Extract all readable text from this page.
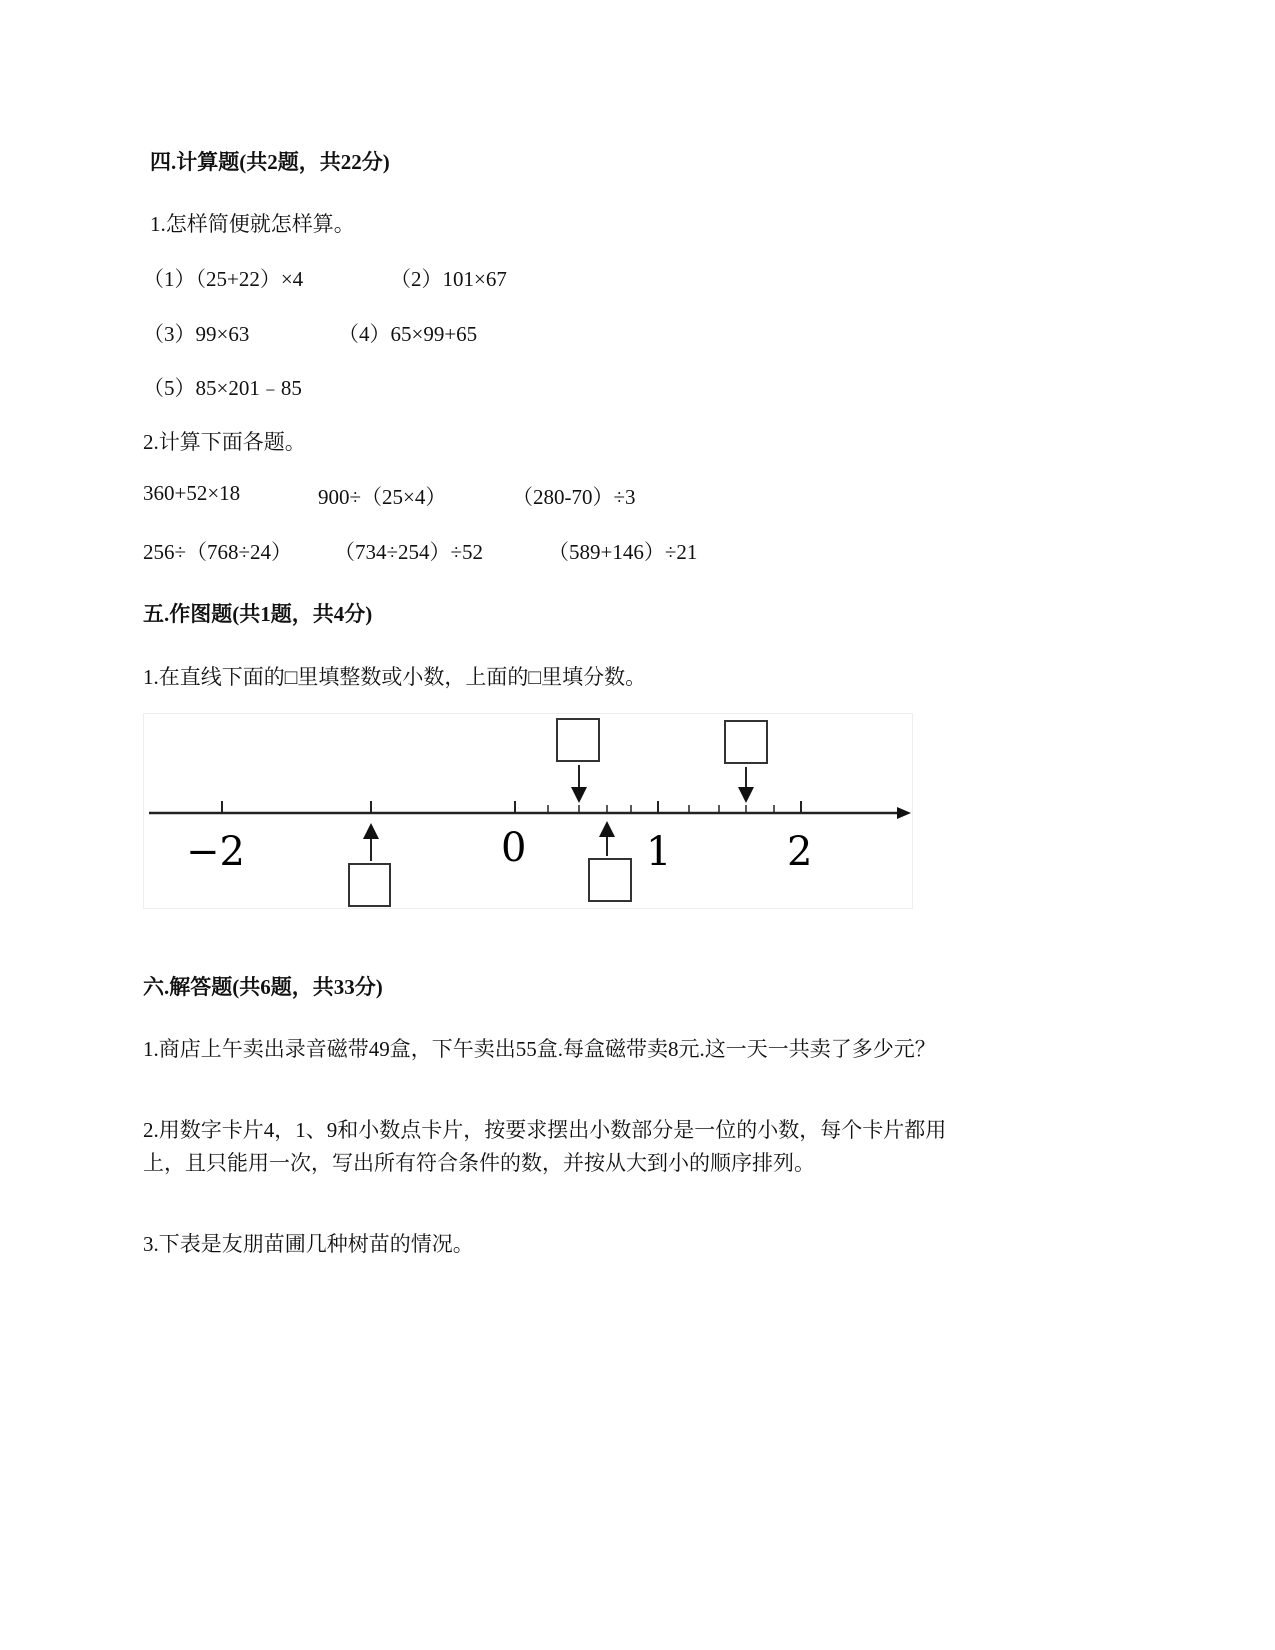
四.计算题(共2题，共22分)
1.怎样简便就怎样算。
（1）（25+22）×4	（2）101×67
（3）99×63	（4）65×99+65
（5）85×201﹣85
2.计算下面各题。
360+52×18	900÷（25×4）	（280-70）÷3
256÷（768÷24） （734÷254）÷52	（589+146）÷21
五.作图题(共1题，共4分)
1.在直线下面的□里填整数或小数，上面的□里填分数。
−2	0	1	2
六.解答题(共6题，共33分)
1.商店上午卖出录音磁带49盒，下午卖出55盒.每盒磁带卖8元.这一天一共卖了多少元？
2.用数字卡片4，1、9和小数点卡片，按要求摆出小数部分是一位的小数，每个卡片都用
上，且只能用一次，写出所有符合条件的数，并按从大到小的顺序排列。
3.下表是友朋苗圃几种树苗的情况。
